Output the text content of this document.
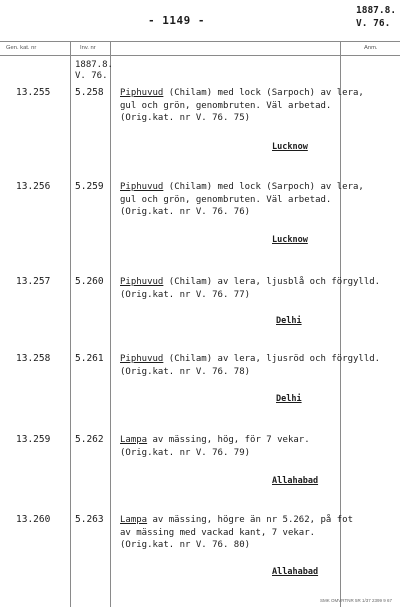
- 1149 -
1887.8.
V. 76.
Gen. kat. nr	Inv. nr	Anm.
1887.8.
V. 76.
13.255	5.258 Piphuvud (Chilam) med lock (Sarpoch) av lera,
gul och grön, genombruten. Väl arbetad.
(Orig.kat. nr V. 76. 75)
Lucknow
13.256	5.259 Piphuvud (Chilam) med lock (Sarpoch) av lera,
gul och grön, genombruten. Väl arbetad.
(Orig.kat. nr V. 76. 76)
Lucknow
13.257	5.260 Piphuvud (Chilam) av lera, ljusblå och förgylld.
(Orig.kat. nr V. 76. 77)
Delhi
13.258	5.261 Piphuvud (Chilam) av lera, ljusröd och förgylld.
(Orig.kat. nr V. 76. 78)
Delhi
13.259	5.262 Lampa av mässing, hög, för 7 vekar.
(Orig.kat. nr V. 76. 79)
Allahabad
13.260	5.263 Lampa av mässing, högre än nr 5.262, på fot
av mässing med vackad kant, 7 vekar.
(Orig.kat. nr V. 76. 80)
Allahabad
SMK OMVRTNR 5R 1/37 2399 9 67
